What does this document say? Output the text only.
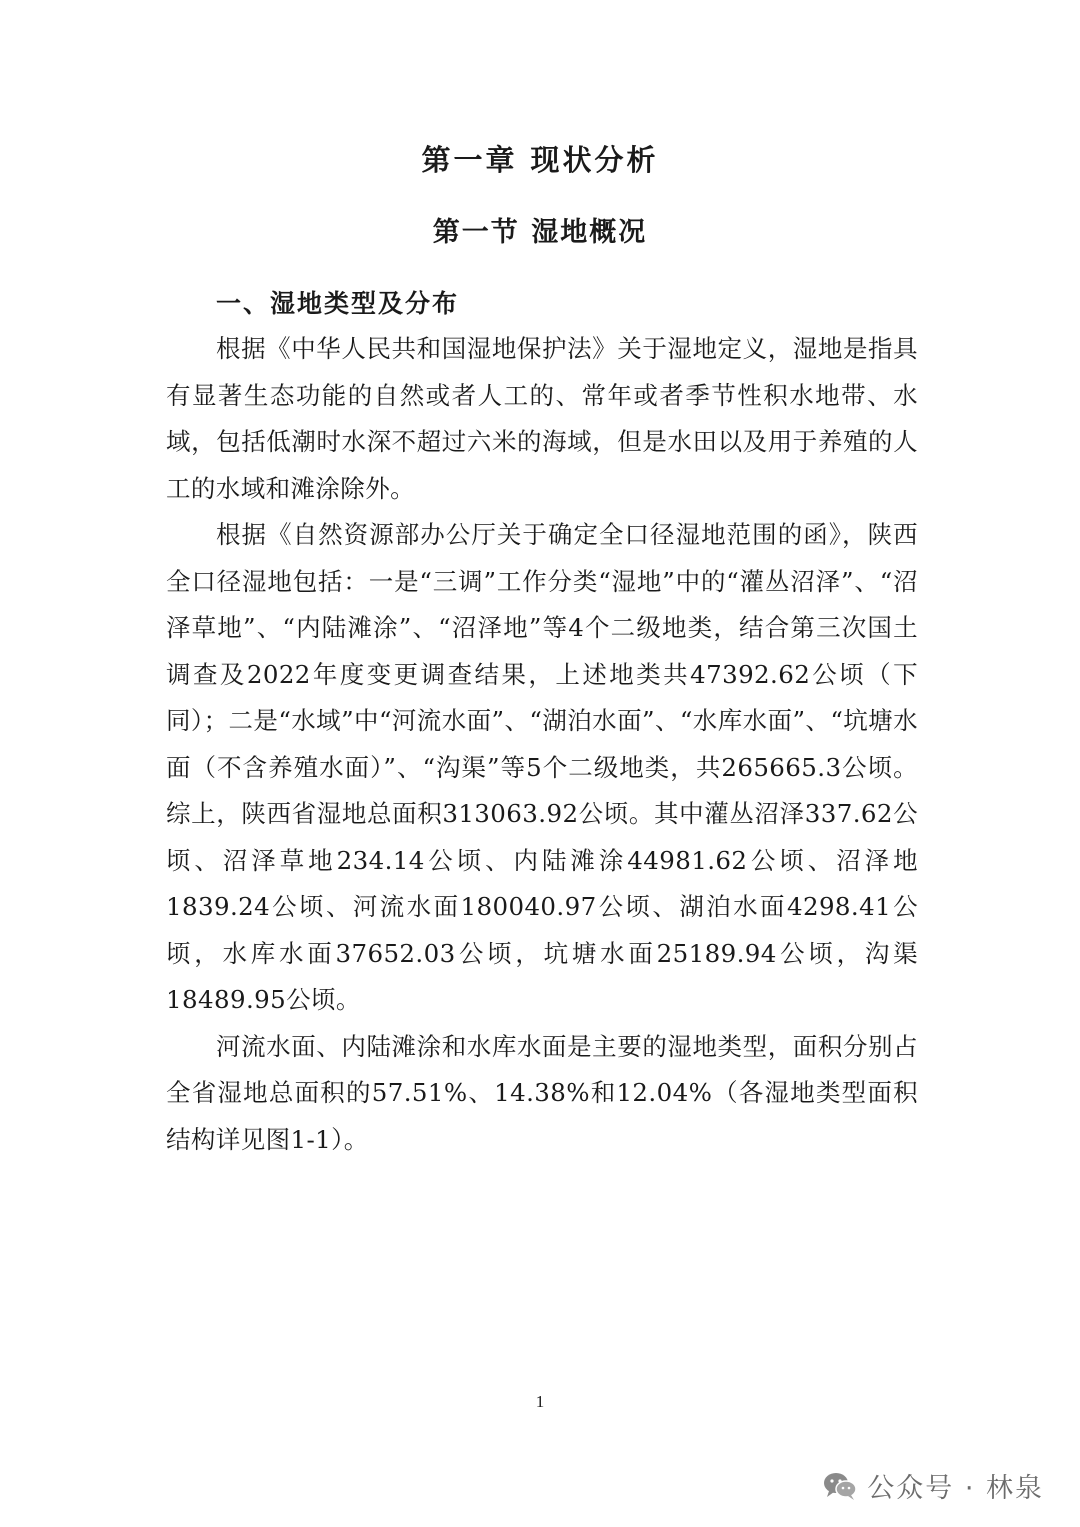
第一章 现状分析
第一节 湿地概况
一、湿地类型及分布

根据《中华人民共和国湿地保护法》关于湿地定义，湿地是指具有显著生态功能的自然或者人工的、常年或者季节性积水地带、水域，包括低潮时水深不超过六米的海域，但是水田以及用于养殖的人工的水域和滩涂除外。

根据《自然资源部办公厅关于确定全口径湿地范围的函》，陕西全口径湿地包括：一是“三调”工作分类“湿地”中的“灌丛沼泽”、“沼泽草地”、“内陆滩涂”、“沼泽地”等4个二级地类，结合第三次国土调查及2022年度变更调查结果，上述地类共47392.62公顷（下同）；二是“水域”中“河流水面”、“湖泊水面”、“水库水面”、“坑塘水面（不含养殖水面）”、“沟渠”等5个二级地类，共265665.3公顷。综上，陕西省湿地总面积313063.92公顷。其中灌丛沼泽337.62公顷、沼泽草地234.14公顷、内陆滩涂44981.62公顷、沼泽地1839.24公顷、河流水面180040.97公顷、湖泊水面4298.41公顷，水库水面37652.03公顷，坑塘水面25189.94公顷，沟渠18489.95公顷。

河流水面、内陆滩涂和水库水面是主要的湿地类型，面积分别占全省湿地总面积的57.51%、14.38%和12.04%（各湿地类型面积结构详见图1-1）。

1
公众号 · 林泉
